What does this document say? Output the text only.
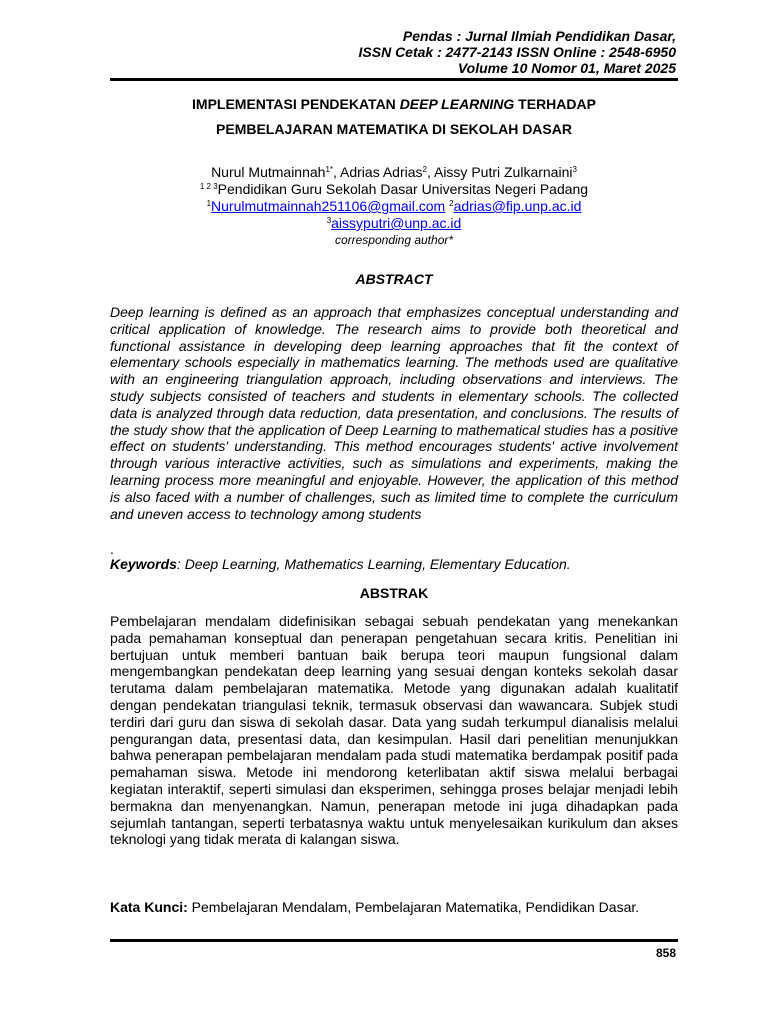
Pendas : Jurnal Ilmiah Pendidikan Dasar,
ISSN Cetak : 2477-2143 ISSN Online : 2548-6950
Volume 10 Nomor 01, Maret 2025
IMPLEMENTASI PENDEKATAN DEEP LEARNING TERHADAP
PEMBELAJARAN MATEMATIKA DI SEKOLAH DASAR
Nurul Mutmainnah$^{1*}$, Adrias Adrias$^2$, Aissy Putri Zulkarnaini$^3$
$^{1 2 3}$Pendidikan Guru Sekolah Dasar Universitas Negeri Padang
$^1$Nurulmutmainnah251106@gmail.com $^2$adrias@fip.unp.ac.id
$^3$aissyputri@unp.ac.id
corresponding author*
ABSTRACT
Deep learning is defined as an approach that emphasizes conceptual understanding and critical application of knowledge. The research aims to provide both theoretical and functional assistance in developing deep learning approaches that fit the context of elementary schools especially in mathematics learning. The methods used are qualitative with an engineering triangulation approach, including observations and interviews. The study subjects consisted of teachers and students in elementary schools. The collected data is analyzed through data reduction, data presentation, and conclusions. The results of the study show that the application of Deep Learning to mathematical studies has a positive effect on students' understanding. This method encourages students' active involvement through various interactive activities, such as simulations and experiments, making the learning process more meaningful and enjoyable. However, the application of this method is also faced with a number of challenges, such as limited time to complete the curriculum and uneven access to technology among students
.
Keywords: Deep Learning, Mathematics Learning, Elementary Education.
ABSTRAK
Pembelajaran mendalam didefinisikan sebagai sebuah pendekatan yang menekankan pada pemahaman konseptual dan penerapan pengetahuan secara kritis. Penelitian ini bertujuan untuk memberi bantuan baik berupa teori maupun fungsional dalam mengembangkan pendekatan deep learning yang sesuai dengan konteks sekolah dasar terutama dalam pembelajaran matematika. Metode yang digunakan adalah kualitatif dengan pendekatan triangulasi teknik, termasuk observasi dan wawancara. Subjek studi terdiri dari guru dan siswa di sekolah dasar. Data yang sudah terkumpul dianalisis melalui pengurangan data, presentasi data, dan kesimpulan. Hasil dari penelitian menunjukkan bahwa penerapan pembelajaran mendalam pada studi matematika berdampak positif pada pemahaman siswa. Metode ini mendorong keterlibatan aktif siswa melalui berbagai kegiatan interaktif, seperti simulasi dan eksperimen, sehingga proses belajar menjadi lebih bermakna dan menyenangkan. Namun, penerapan metode ini juga dihadapkan pada sejumlah tantangan, seperti terbatasnya waktu untuk menyelesaikan kurikulum dan akses teknologi yang tidak merata di kalangan siswa.
Kata Kunci: Pembelajaran Mendalam, Pembelajaran Matematika, Pendidikan Dasar.
858
